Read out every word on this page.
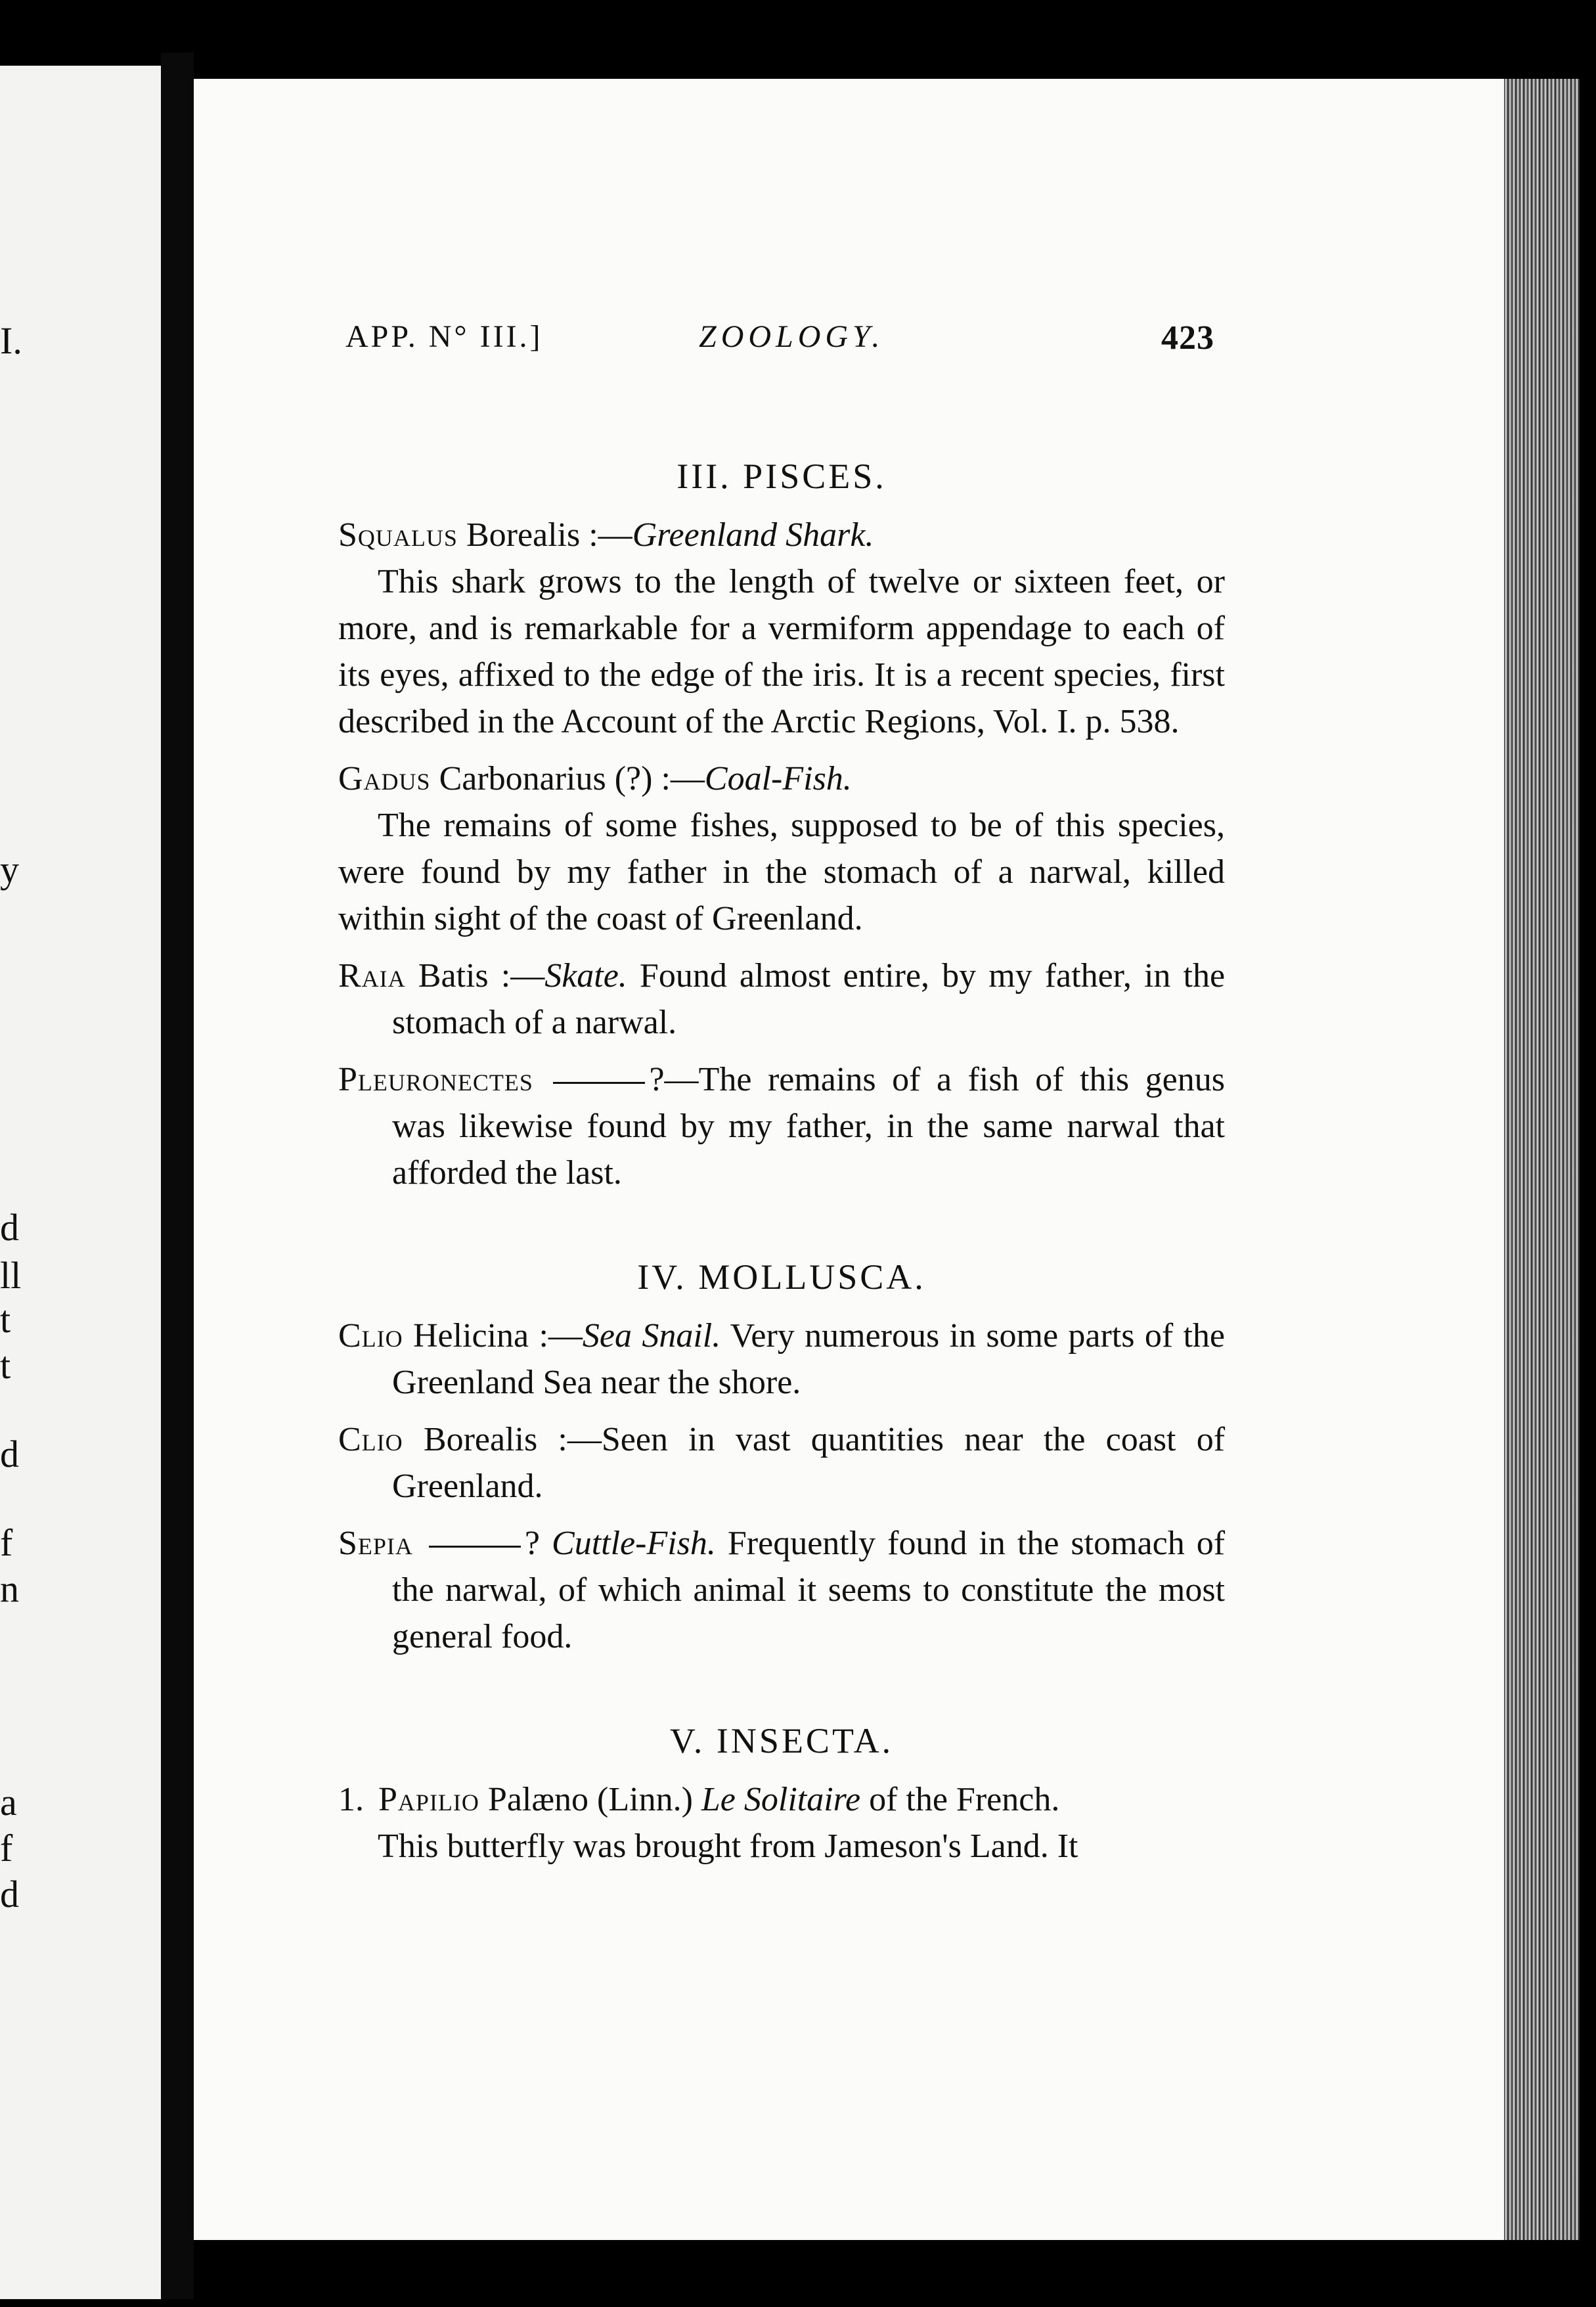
I.
y
d
ll
t
t
d
f
n
a
f
d
APP. N° III.]	ZOOLOGY.	423
III. PISCES.
Squalus Borealis :—Greenland Shark.
This shark grows to the length of twelve or sixteen feet, or more, and is remarkable for a vermiform appendage to each of its eyes, affixed to the edge of the iris. It is a recent species, first described in the Account of the Arctic Regions, Vol. I. p. 538.
Gadus Carbonarius (?) :—Coal-Fish.
The remains of some fishes, supposed to be of this species, were found by my father in the stomach of a narwal, killed within sight of the coast of Greenland.
Raia Batis :—Skate. Found almost entire, by my father, in the stomach of a narwal.
Pleuronectes	?—The remains of a fish of this genus was likewise found by my father, in the same narwal that afforded the last.
IV. MOLLUSCA.
Clio Helicina :—Sea Snail. Very numerous in some parts of the Greenland Sea near the shore.
Clio Borealis :—Seen in vast quantities near the coast of Greenland.
Sepia	? Cuttle-Fish. Frequently found in the stomach of the narwal, of which animal it seems to constitute the most general food.
V. INSECTA.
1. Papilio Palæno (Linn.) Le Solitaire of the French.
This butterfly was brought from Jameson's Land. It
